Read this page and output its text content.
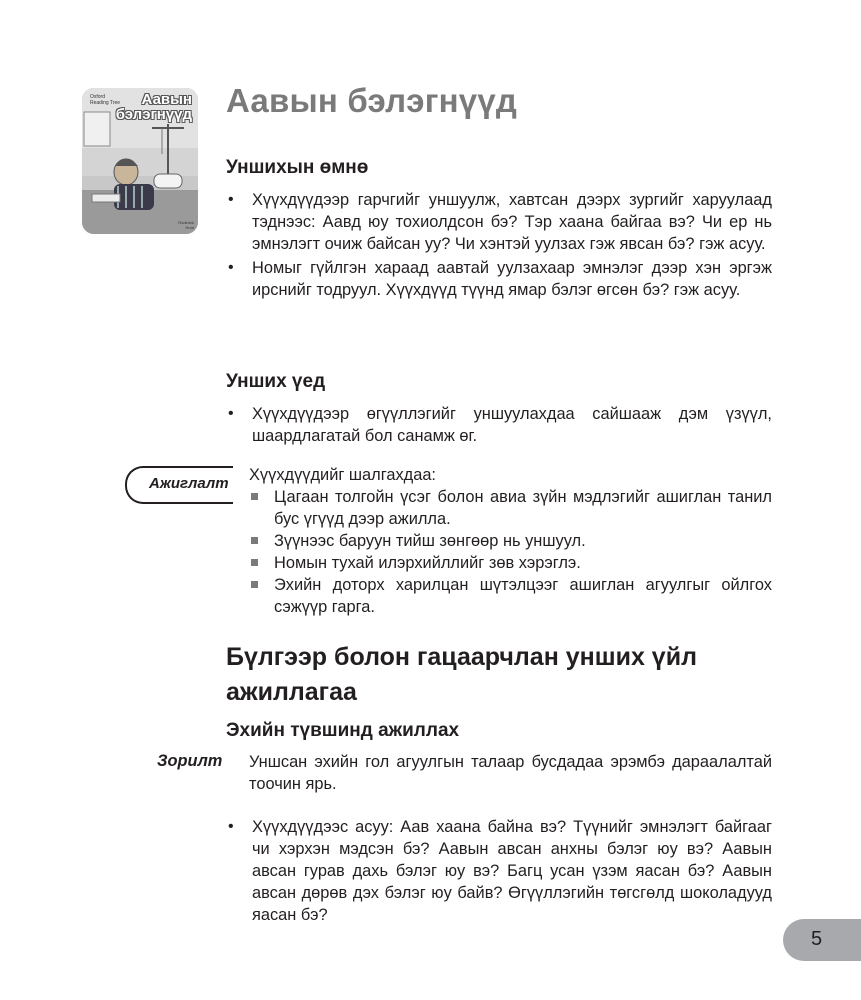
Oxford Reading Tree	Аавын бэлэгнүүд
Roderick Hunt
Аавын бэлэгнүүд
Уншихын өмнө
• Хүүхдүүдээр гарчгийг уншуулж, хавтсан дээрх зургийг харуулаад тэднээс: Аавд юу тохиолдсон бэ? Тэр хаана байгаа вэ? Чи ер нь эмнэлэгт очиж байсан уу? Чи хэнтэй уулзах гэж явсан бэ? гэж асуу.
• Номыг гүйлгэн хараад аавтай уулзахаар эмнэлэг дээр хэн эргэж ирснийг тодруул. Хүүхдүүд түүнд ямар бэлэг өгсөн бэ? гэж асуу.
Унших үед
• Хүүхдүүдээр өгүүллэгийг уншуулахдаа сайшааж дэм үзүүл, шаардлагатай бол санамж өг.
Ажиглалт Хүүхдүүдийг шалгахдаа:
Цагаан толгойн үсэг болон авиа зүйн мэдлэгийг ашиглан танил бус үгүүд дээр ажилла.
Зүүнээс баруун тийш зөнгөөр нь уншуул.
Номын тухай илэрхийллийг зөв хэрэглэ.
Эхийн доторх харилцан шүтэлцээг ашиглан агуулгыг ойлгох сэжүүр гарга.
Бүлгээр болон гацаарчлан унших үйл ажиллагаа
Эхийн түвшинд ажиллах
Зорилт Уншсан эхийн гол агуулгын талаар бусдадаа эрэмбэ дараалалтай тоочин ярь.

• Хүүхдүүдээс асуу: Аав хаана байна вэ? Түүнийг эмнэлэгт байгааг чи хэрхэн мэдсэн бэ? Аавын авсан анхны бэлэг юу вэ? Аавын авсан гурав дахь бэлэг юу вэ? Багц усан үзэм яасан бэ? Аавын авсан дөрөв дэх бэлэг юу байв? Өгүүллэгийн төгсгөлд шоколадууд яасан бэ?
5
